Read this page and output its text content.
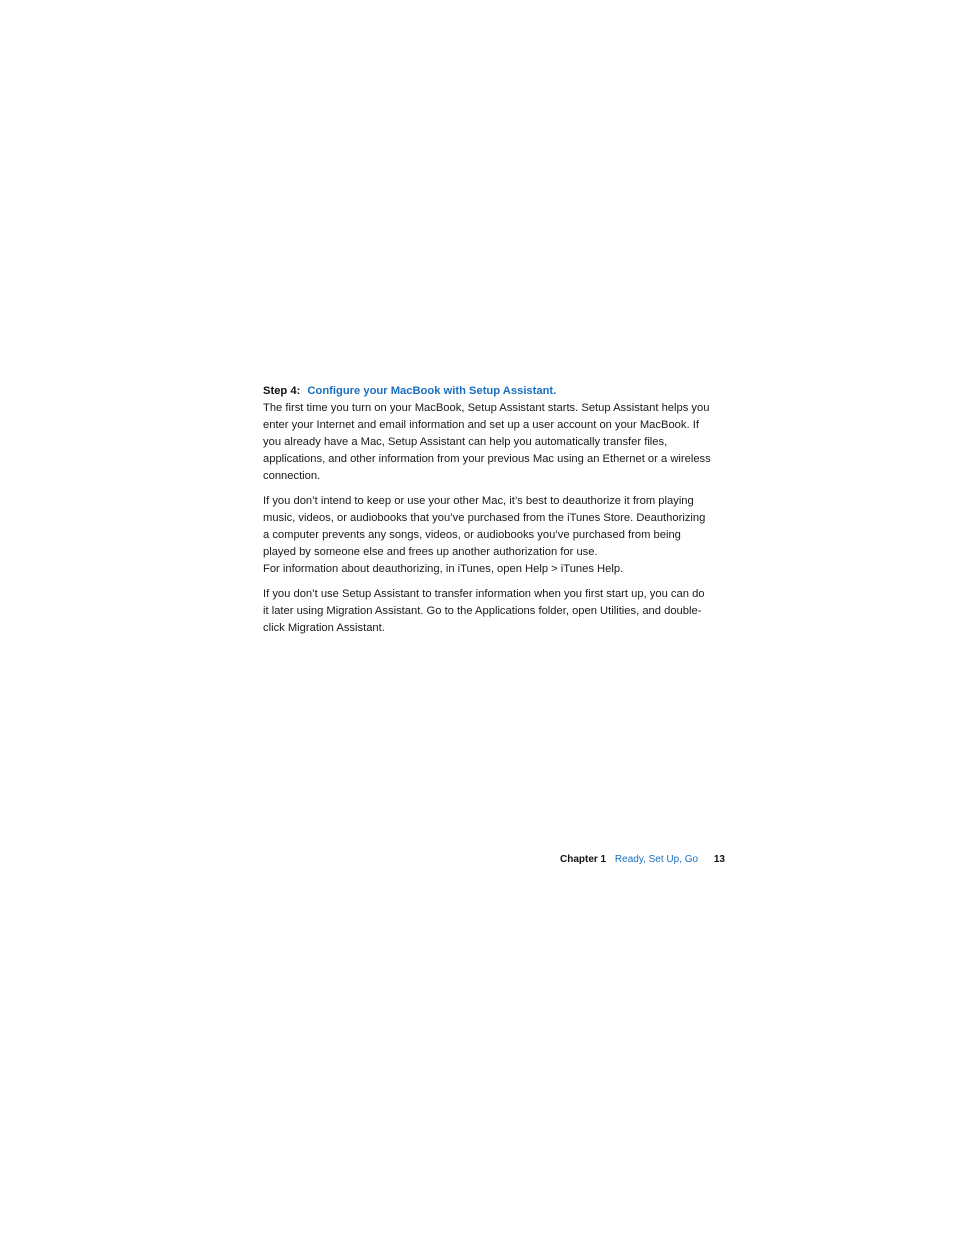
Step 4: Configure your MacBook with Setup Assistant.

The first time you turn on your MacBook, Setup Assistant starts. Setup Assistant helps you enter your Internet and email information and set up a user account on your MacBook. If you already have a Mac, Setup Assistant can help you automatically transfer files, applications, and other information from your previous Mac using an Ethernet or a wireless connection.

If you don’t intend to keep or use your other Mac, it’s best to deauthorize it from playing music, videos, or audiobooks that you’ve purchased from the iTunes Store. Deauthorizing a computer prevents any songs, videos, or audiobooks you’ve purchased from being played by someone else and frees up another authorization for use.

For information about deauthorizing, in iTunes, open Help > iTunes Help.

If you don’t use Setup Assistant to transfer information when you first start up, you can do it later using Migration Assistant. Go to the Applications folder, open Utilities, and double-click Migration Assistant.

Chapter 1 Ready, Set Up, Go 13
